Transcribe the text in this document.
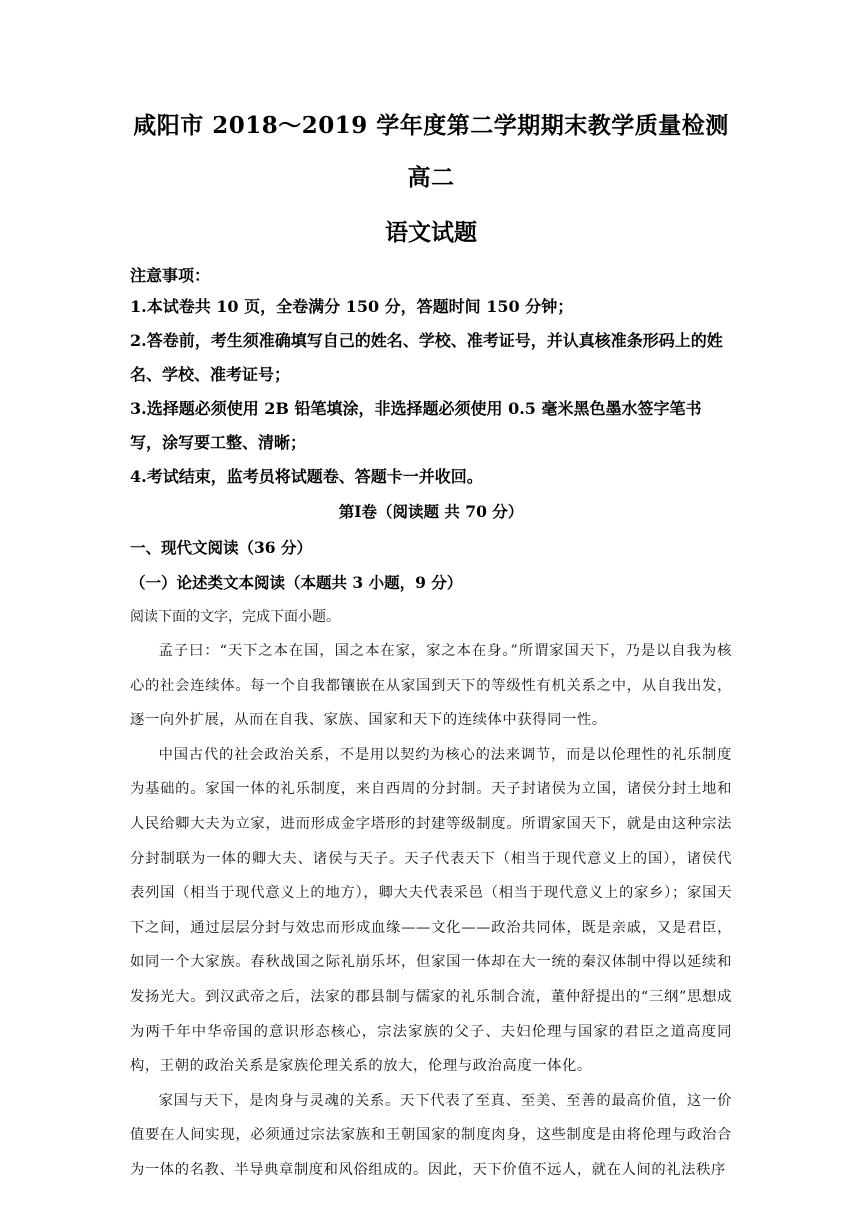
咸阳市 2018～2019 学年度第二学期期末教学质量检测高二
语文试题

注意事项：

1.本试卷共 10 页，全卷满分 150 分，答题时间 150 分钟；
2.答卷前，考生须准确填写自己的姓名、学校、准考证号，并认真核准条形码上的姓名、学校、准考证号；
3.选择题必须使用 2B 铅笔填涂，非选择题必须使用 0.5 毫米黑色墨水签字笔书写，涂写要工整、清晰；
4.考试结束，监考员将试题卷、答题卡一并收回。
第Ⅰ卷（阅读题 共 70 分）
一、现代文阅读（36 分）
（一）论述类文本阅读（本题共 3 小题，9 分）
阅读下面的文字，完成下面小题。

孟子曰：“天下之本在国，国之本在家，家之本在身。”所谓家国天下，乃是以自我为核心的社会连续体。每一个自我都镶嵌在从家国到天下的等级性有机关系之中，从自我出发，逐一向外扩展，从而在自我、家族、国家和天下的连续体中获得同一性。

中国古代的社会政治关系，不是用以契约为核心的法来调节，而是以伦理性的礼乐制度为基础的。家国一体的礼乐制度，来自西周的分封制。天子封诸侯为立国，诸侯分封土地和人民给卿大夫为立家，进而形成金字塔形的封建等级制度。所谓家国天下，就是由这种宗法分封制联为一体的卿大夫、诸侯与天子。天子代表天下（相当于现代意义上的国），诸侯代表列国（相当于现代意义上的地方），卿大夫代表采邑（相当于现代意义上的家乡）；家国天下之间，通过层层分封与效忠而形成血缘——文化——政治共同体，既是亲戚，又是君臣，如同一个大家族。春秋战国之际礼崩乐坏，但家国一体却在大一统的秦汉体制中得以延续和发扬光大。到汉武帝之后，法家的郡县制与儒家的礼乐制合流，董仲舒提出的“三纲”思想成为两千年中华帝国的意识形态核心，宗法家族的父子、夫妇伦理与国家的君臣之道高度同构，王朝的政治关系是家族伦理关系的放大，伦理与政治高度一体化。

家国与天下，是肉身与灵魂的关系。天下代表了至真、至美、至善的最高价值，这一价值要在人间实现，必须通过宗法家族和王朝国家的制度肉身，这些制度是由将伦理与政治合为一体的名教、半导典章制度和风俗组成的。因此，天下价值不远人，就在人间的礼法秩序
